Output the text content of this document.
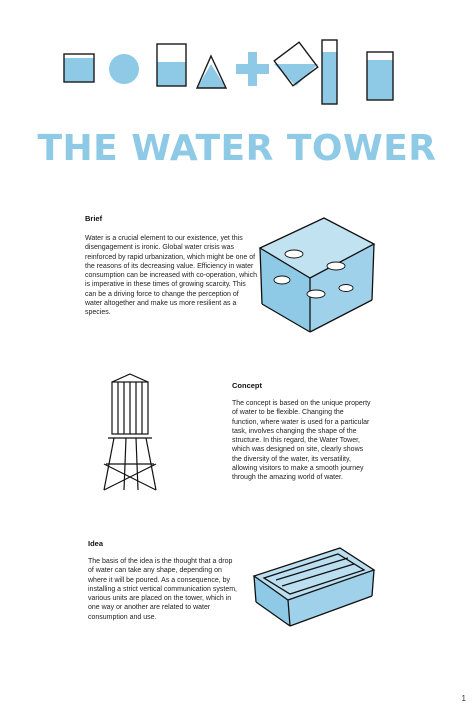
THE WATER TOWER
Brief
Water is a crucial element to our existence, yet this disengagement is ironic. Global water crisis was reinforced by rapid urbanization, which might be one of the reasons of its decreasing value. Efficiency in water consumption can be increased with co-operation, which is imperative in these times of growing scarcity. This can be a driving force to change the perception of water altogether and make us more resilient as a species.
Concept
The concept is based on the unique property of water to be flexible. Changing the function, where water is used for a particular task, involves changing the shape of the structure. In this regard, the Water Tower, which was designed on site, clearly shows the diversity of the water, its versatility, allowing visitors to make a smooth journey through the amazing world of water.
Idea
The basis of the idea is the thought that a drop of water can take any shape, depending on where it will be poured. As a consequence, by installing a strict vertical communication system, various units are placed on the tower, which in one way or another are related to water consumption and use.
1
